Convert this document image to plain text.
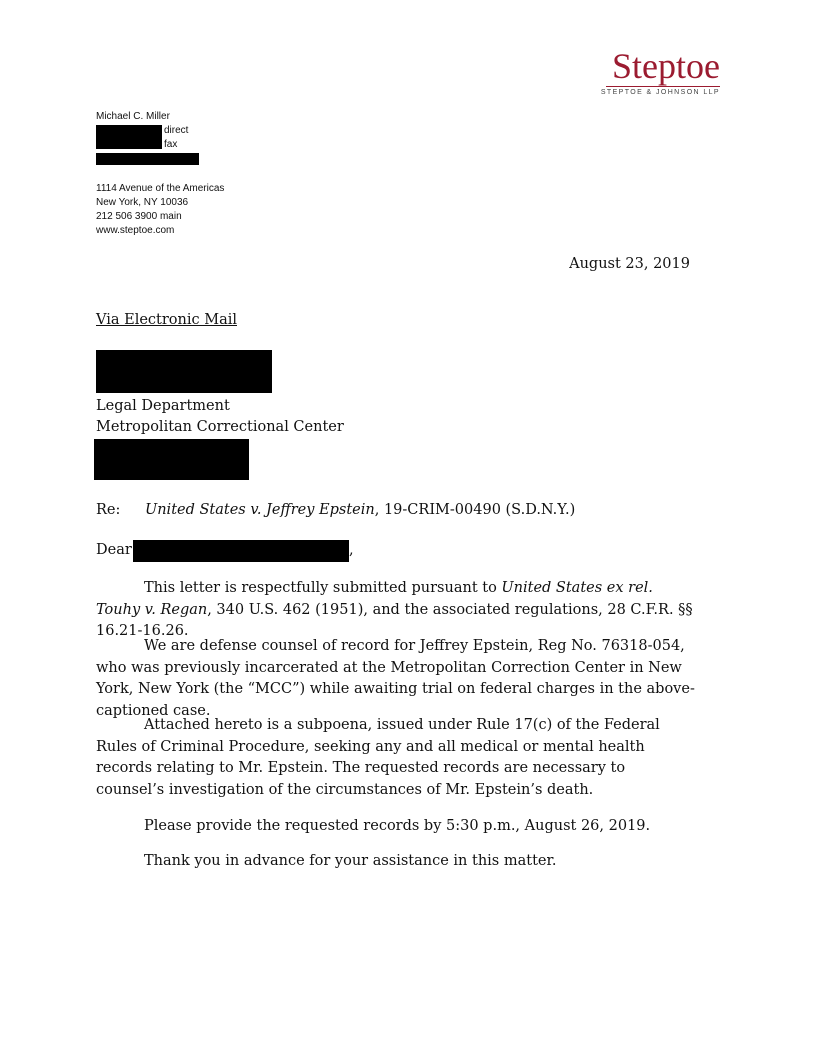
Steptoe
STEPTOE & JOHNSON LLP
Michael C. Miller
direct
fax
1114 Avenue of the Americas
New York, NY 10036
212 506 3900 main
www.steptoe.com
August 23, 2019
Via Electronic Mail
Legal Department
Metropolitan Correctional Center
Re: United States v. Jeffrey Epstein, 19-CRIM-00490 (S.D.N.Y.)
Dear	,

This letter is respectfully submitted pursuant to United States ex rel. Touhy v. Regan, 340 U.S. 462 (1951), and the associated regulations, 28 C.F.R. §§ 16.21-16.26.

We are defense counsel of record for Jeffrey Epstein, Reg No. 76318-054, who was previously incarcerated at the Metropolitan Correction Center in New York, New York (the “MCC”) while awaiting trial on federal charges in the above-captioned case.

Attached hereto is a subpoena, issued under Rule 17(c) of the Federal Rules of Criminal Procedure, seeking any and all medical or mental health records relating to Mr. Epstein. The requested records are necessary to counsel’s investigation of the circumstances of Mr. Epstein’s death.

Please provide the requested records by 5:30 p.m., August 26, 2019.

Thank you in advance for your assistance in this matter.
